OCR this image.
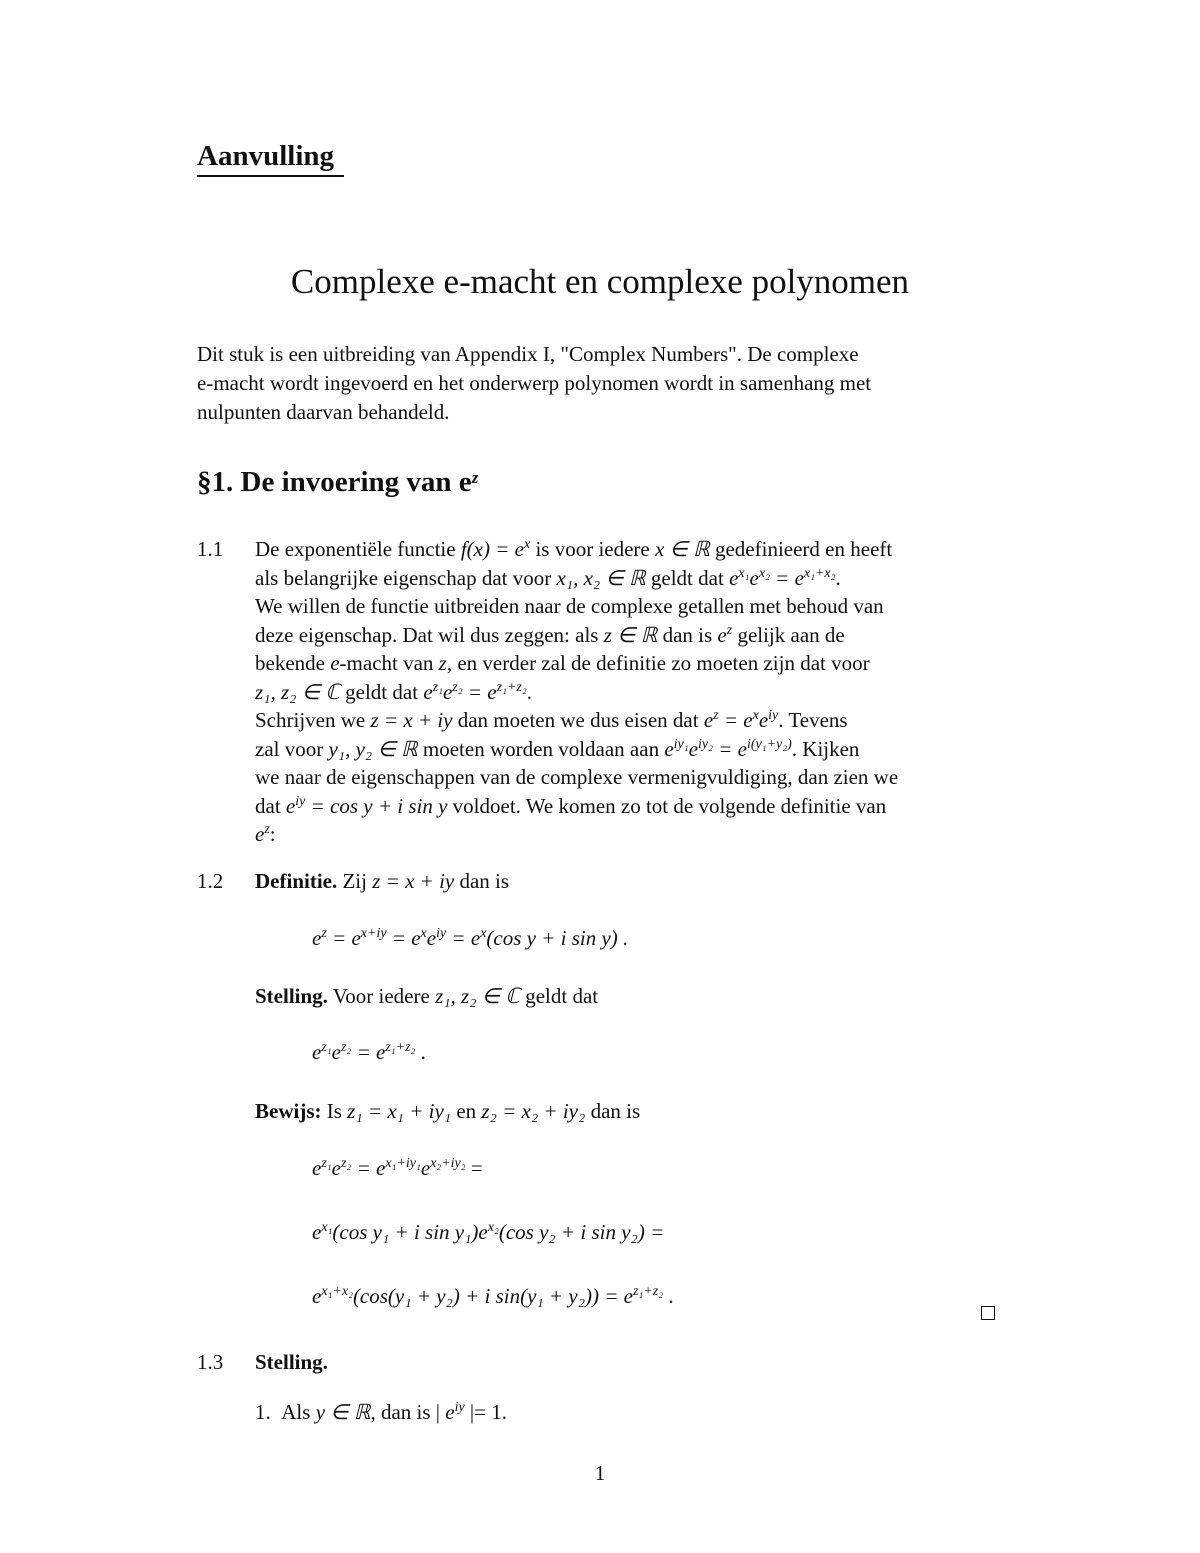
Aanvulling
Complexe e-macht en complexe polynomen
Dit stuk is een uitbreiding van Appendix I, "Complex Numbers". De complexe
e-macht wordt ingevoerd en het onderwerp polynomen wordt in samenhang met
nulpunten daarvan behandeld.
§1. De invoering van $e^z$
1.1 De exponentiële functie $f(x) = e^x$ is voor iedere x ∈ ℝ gedefinieerd en heeft
als belangrijke eigenschap dat voor x₁, x₂ ∈ ℝ geldt dat $e^{x_1}e^{x_2} = e^{x_1+x_2}$.
We willen de functie uitbreiden naar de complexe getallen met behoud van
deze eigenschap. Dat wil dus zeggen: als z ∈ ℝ dan is $e^z$ gelijk aan de
bekende e-macht van z, en verder zal de definitie zo moeten zijn dat voor
z₁, z₂ ∈ ℂ geldt dat $e^{z_1}e^{z_2} = e^{z_1+z_2}$.
Schrijven we z = x + iy dan moeten we dus eisen dat $e^z = e^xe^{iy}$. Tevens
zal voor y₁, y₂ ∈ ℝ moeten worden voldaan aan $e^{iy_1}e^{iy_2} = e^{i(y_1+y_2)}$. Kijken
we naar de eigenschappen van de complexe vermenigvuldiging, dan zien we
dat $e^{iy} = \cos y + i$ sin y voldoet. We komen zo tot de volgende definitie van
$e^z$:
1.2 Definitie. Zij z = x + iy dan is
$e^z = e^{x+iy} = e^xe^{iy} = e^x(\cos$ y + i sin y) .
Stelling. Voor iedere z₁, z₂ ∈ ℂ geldt dat
$e^{z_1}e^{z_2} = e^{z_1+z_2}$ .
Bewijs: Is z₁ = x₁ + iy₁ en z₂ = x₂ + iy₂ dan is
$e^{z_1}e^{z_2} = e^{x_1+iy_1}e^{x_2+iy_2}$ =
$e^{x_1}(\cos$ y₁ + i $\sin y_1)e^{x_2}(\cos$ y₂ + i sin y₂) =
$e^{x_1+x_2}(\cos(y_1 + y_2) + i$ $\sin(y_1 + y_2)) = e^{z_1+z_2}$ .
1.3 Stelling.
1. Als y ∈ ℝ, dan is | $e^{iy}$ |= 1.
1
